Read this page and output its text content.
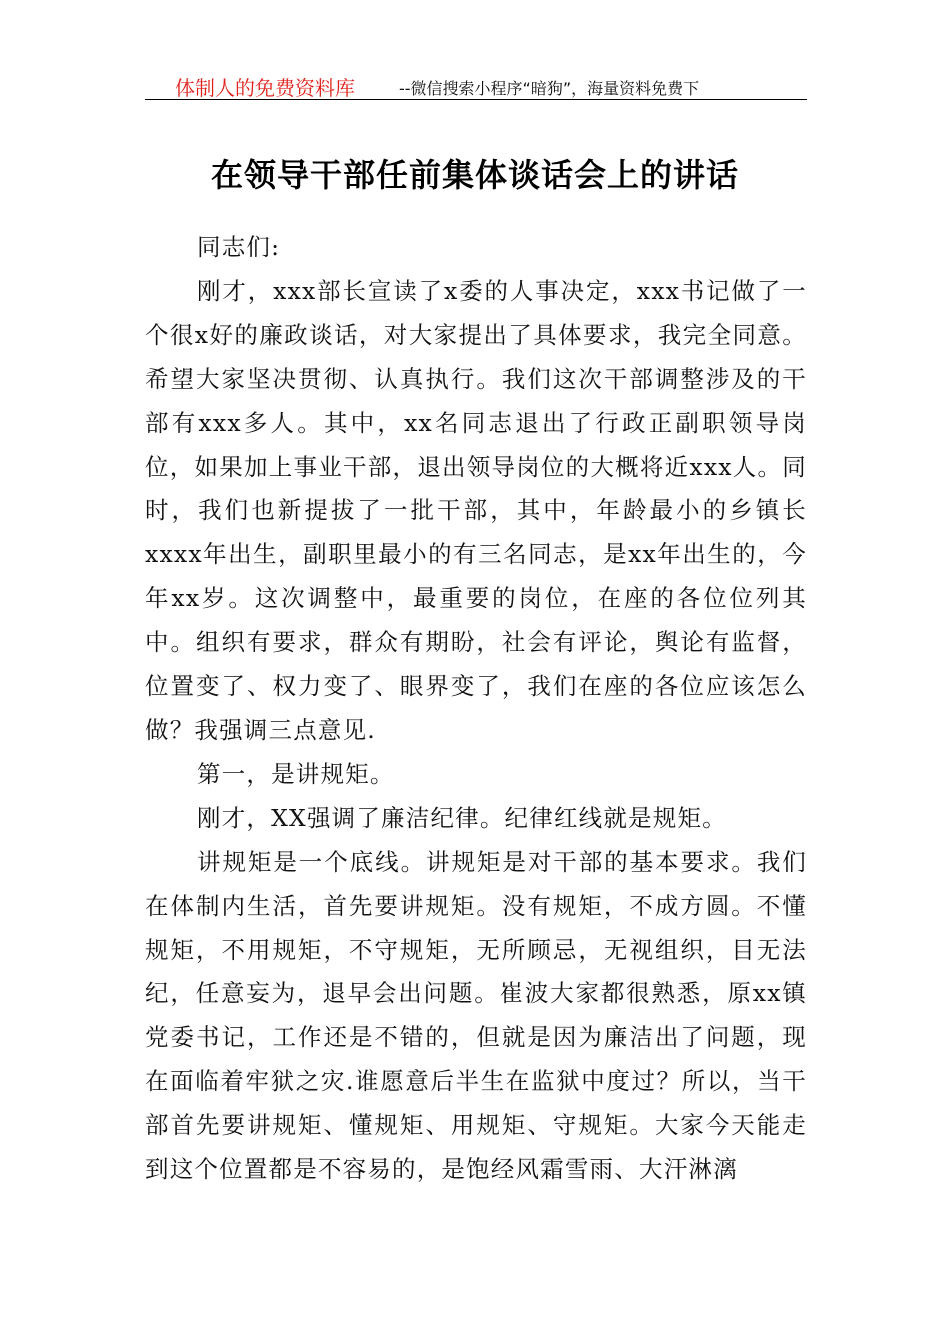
体制人的免费资料库	--微信搜索小程序“暗狗”，海量资料免费下
在领导干部任前集体谈话会上的讲话

同志们:

刚才，xxx部长宣读了x委的人事决定，xxx书记做了一个很x好的廉政谈话，对大家提出了具体要求，我完全同意。希望大家坚决贯彻、认真执行。我们这次干部调整涉及的干部有xxx多人。其中，xx名同志退出了行政正副职领导岗位，如果加上事业干部，退出领导岗位的大概将近xxx人。同时，我们也新提拔了一批干部，其中，年龄最小的乡镇长xxxx年出生，副职里最小的有三名同志，是xx年出生的，今年xx岁。这次调整中，最重要的岗位，在座的各位位列其中。组织有要求，群众有期盼，社会有评论，舆论有监督，位置变了、权力变了、眼界变了，我们在座的各位应该怎么做？我强调三点意见.

第一，是讲规矩。

刚才，XX强调了廉洁纪律。纪律红线就是规矩。

讲规矩是一个底线。讲规矩是对干部的基本要求。我们在体制内生活，首先要讲规矩。没有规矩，不成方圆。不懂规矩，不用规矩，不守规矩，无所顾忌，无视组织，目无法纪，任意妄为，退早会出问题。崔波大家都很熟悉，原xx镇党委书记，工作还是不错的，但就是因为廉洁出了问题，现在面临着牢狱之灾.谁愿意后半生在监狱中度过？所以，当干部首先要讲规矩、懂规矩、用规矩、守规矩。大家今天能走到这个位置都是不容易的，是饱经风霜雪雨、大汗淋漓
